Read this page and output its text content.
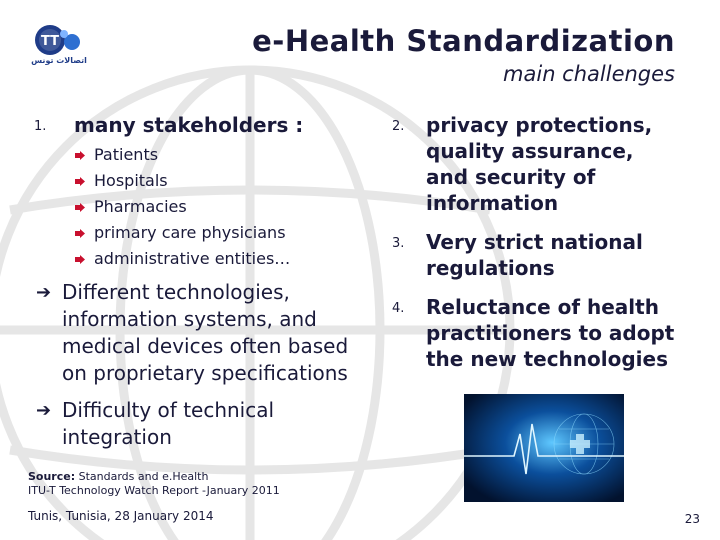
TT
اتصالات تونس
e-Health Standardization
main challenges
1. many stakeholders :
Patients
Hospitals
Pharmacies
primary care physicians
administrative entities…
➔ Different technologies,
information systems, and
medical devices often based
on proprietary specifications
➔ Difficulty of technical
integration
2. privacy protections,
quality assurance,
and security of
information
3. Very strict national
regulations
4. Reluctance of health
practitioners to adopt
the new technologies
Source: Standards and e.Health
ITU-T Technology Watch Report -January 2011
Tunis, Tunisia, 28 January 2014	23
